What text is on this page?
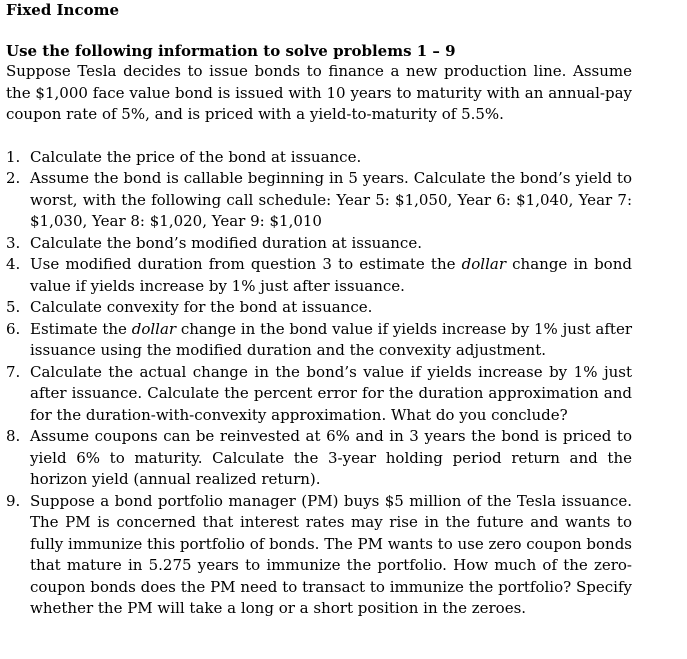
Fixed Income
Use the following information to solve problems 1 – 9

Suppose Tesla decides to issue bonds to finance a new production line. Assume the $1,000 face value bond is issued with 10 years to maturity with an annual-pay coupon rate of 5%, and is priced with a yield-to-maturity of 5.5%.

1. Calculate the price of the bond at issuance.
2. Assume the bond is callable beginning in 5 years. Calculate the bond’s yield to worst, with the following call schedule: Year 5: $1,050, Year 6: $1,040, Year 7: $1,030, Year 8: $1,020, Year 9: $1,010
3. Calculate the bond’s modified duration at issuance.
4. Use modified duration from question 3 to estimate the dollar change in bond value if yields increase by 1% just after issuance.
5. Calculate convexity for the bond at issuance.
6. Estimate the dollar change in the bond value if yields increase by 1% just after issuance using the modified duration and the convexity adjustment.
7. Calculate the actual change in the bond’s value if yields increase by 1% just after issuance. Calculate the percent error for the duration approximation and for the duration-with-convexity approximation. What do you conclude?
8. Assume coupons can be reinvested at 6% and in 3 years the bond is priced to yield 6% to maturity. Calculate the 3-year holding period return and the horizon yield (annual realized return).
9. Suppose a bond portfolio manager (PM) buys $5 million of the Tesla issuance. The PM is concerned that interest rates may rise in the future and wants to fully immunize this portfolio of bonds. The PM wants to use zero coupon bonds that mature in 5.275 years to immunize the portfolio. How much of the zero-coupon bonds does the PM need to transact to immunize the portfolio? Specify whether the PM will take a long or a short position in the zeroes.
